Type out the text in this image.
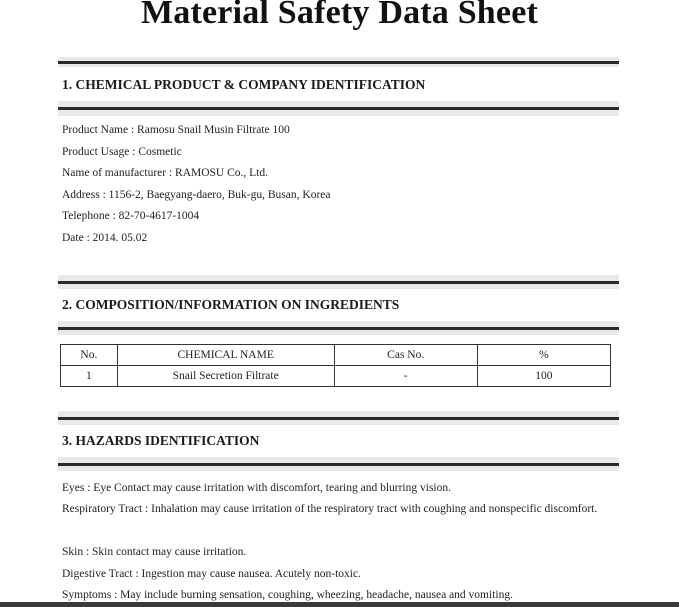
Material Safety Data Sheet
1. CHEMICAL PRODUCT & COMPANY IDENTIFICATION
Product Name : Ramosu Snail Musin Filtrate 100
Product Usage : Cosmetic
Name of manufacturer : RAMOSU Co., Ltd.
Address : 1156-2, Baegyang-daero, Buk-gu, Busan, Korea
Telephone : 82-70-4617-1004
Date : 2014. 05.02
2. COMPOSITION/INFORMATION ON INGREDIENTS
No.	CHEMICAL NAME	Cas No.	%
1	Snail Secretion Filtrate	-	100
3. HAZARDS IDENTIFICATION
Eyes : Eye Contact may cause irritation with discomfort, tearing and blurring vision.
Respiratory Tract : Inhalation may cause irritation of the respiratory tract with coughing and nonspecific discomfort.
Skin : Skin contact may cause irritation.
Digestive Tract : Ingestion may cause nausea. Acutely non-toxic.
Symptoms : May include burning sensation, coughing, wheezing, headache, nausea and vomiting.
